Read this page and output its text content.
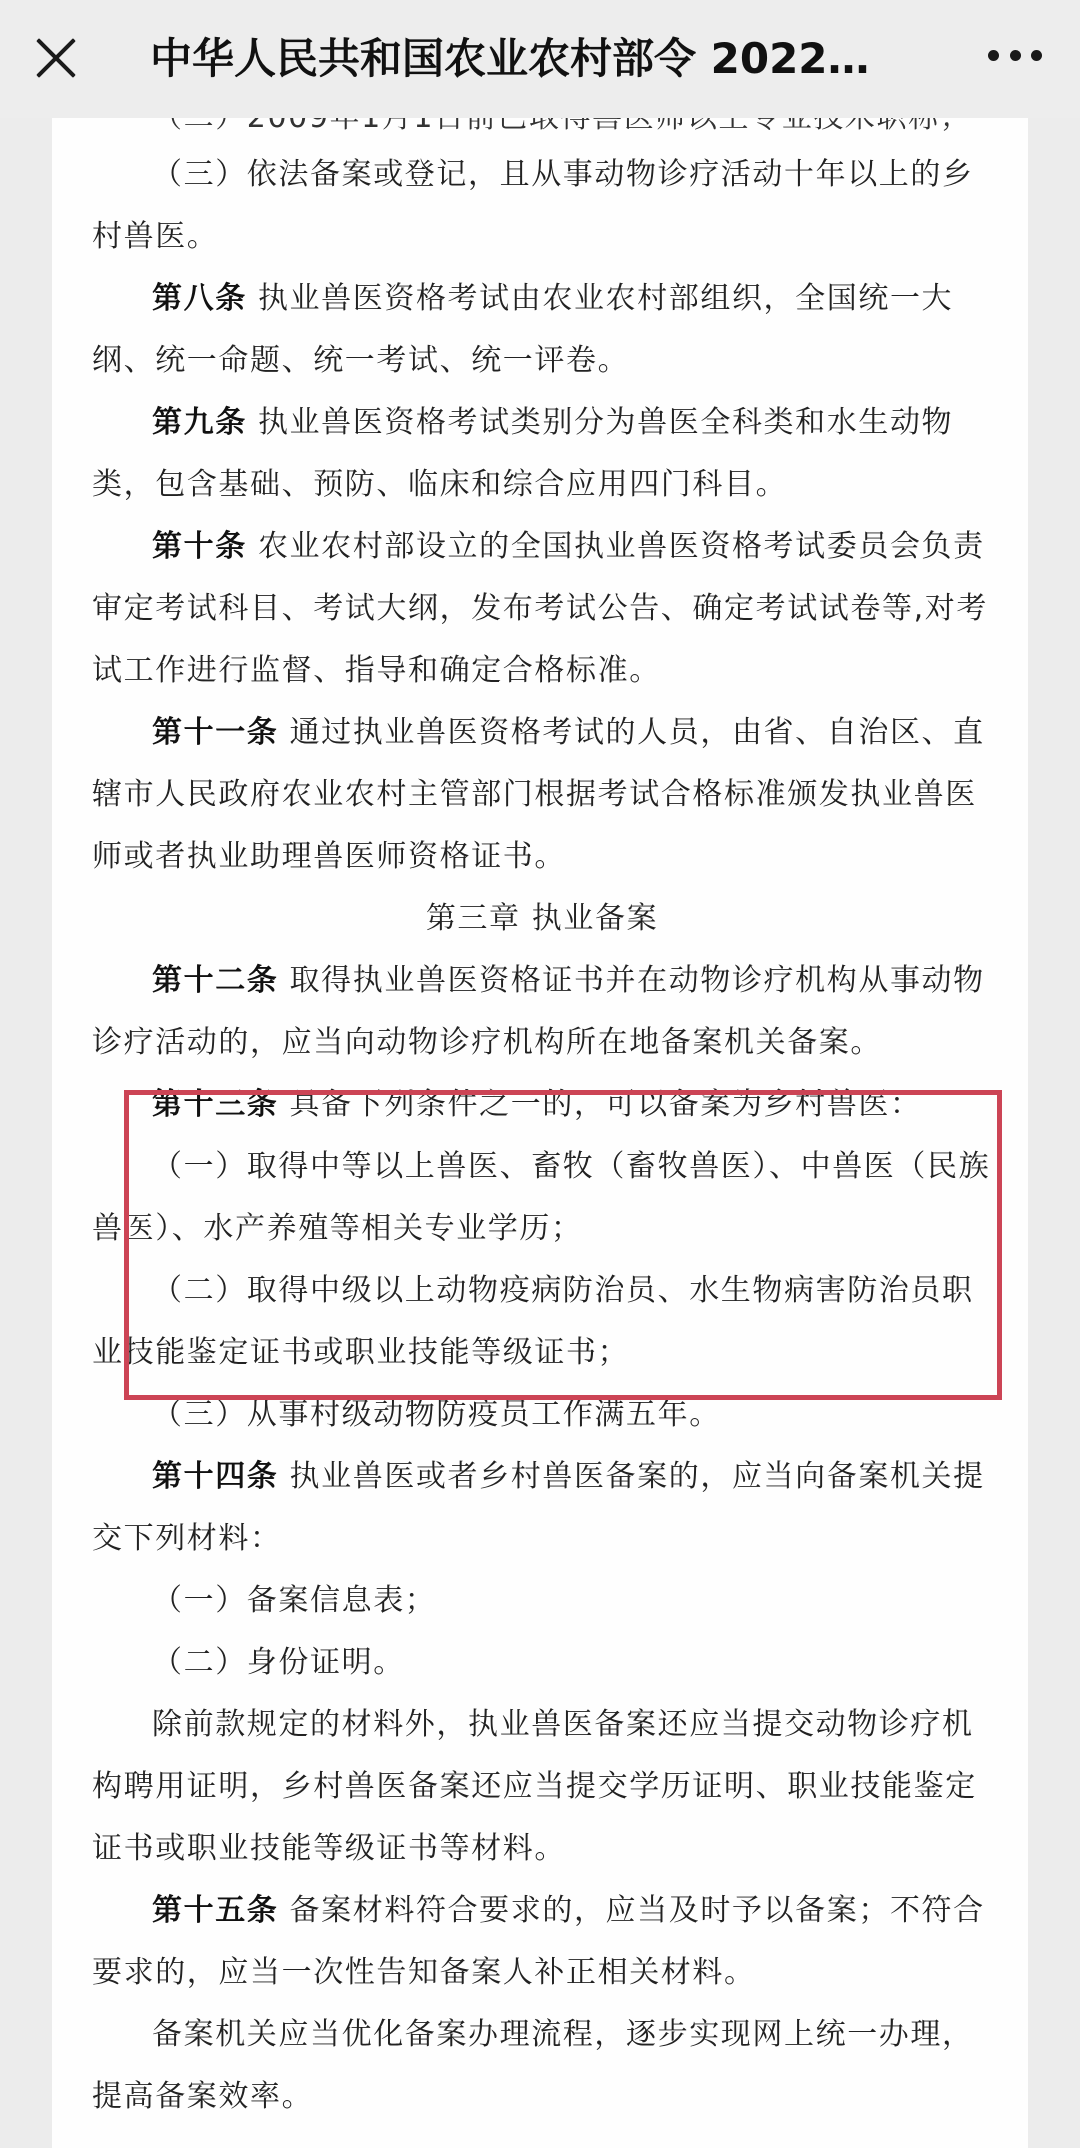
中华人民共和国农业农村部令 2022…

（三）依法备案或登记，且从事动物诊疗活动十年以上的乡村兽医。

第八条 执业兽医资格考试由农业农村部组织，全国统一大纲、统一命题、统一考试、统一评卷。

第九条 执业兽医资格考试类别分为兽医全科类和水生动物类，包含基础、预防、临床和综合应用四门科目。

第十条 农业农村部设立的全国执业兽医资格考试委员会负责审定考试科目、考试大纲，发布考试公告、确定考试试卷等,对考试工作进行监督、指导和确定合格标准。

第十一条 通过执业兽医资格考试的人员，由省、自治区、直辖市人民政府农业农村主管部门根据考试合格标准颁发执业兽医师或者执业助理兽医师资格证书。

第三章 执业备案

第十二条 取得执业兽医资格证书并在动物诊疗机构从事动物诊疗活动的，应当向动物诊疗机构所在地备案机关备案。

第十三条 具备下列条件之一的，可以备案为乡村兽医：

（一）取得中等以上兽医、畜牧（畜牧兽医）、中兽医（民族兽医）、水产养殖等相关专业学历；

（二）取得中级以上动物疫病防治员、水生物病害防治员职业技能鉴定证书或职业技能等级证书；

（三）从事村级动物防疫员工作满五年。

第十四条 执业兽医或者乡村兽医备案的，应当向备案机关提交下列材料：

（一）备案信息表；

（二）身份证明。

除前款规定的材料外，执业兽医备案还应当提交动物诊疗机构聘用证明，乡村兽医备案还应当提交学历证明、职业技能鉴定证书或职业技能等级证书等材料。

第十五条 备案材料符合要求的，应当及时予以备案；不符合要求的，应当一次性告知备案人补正相关材料。

备案机关应当优化备案办理流程，逐步实现网上统一办理，提高备案效率。
